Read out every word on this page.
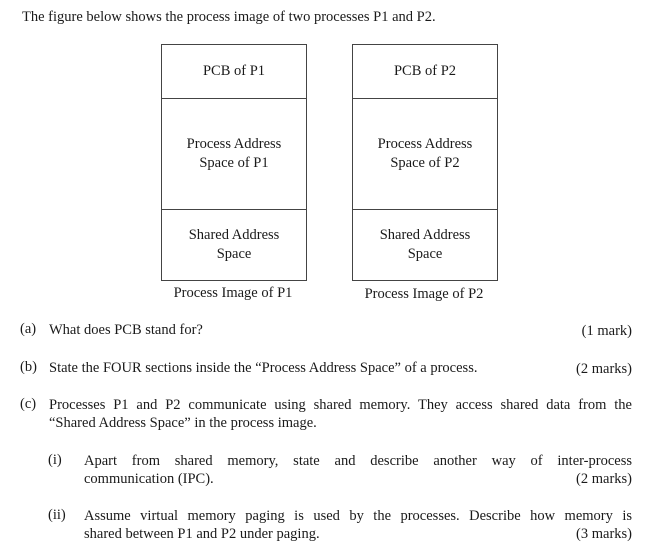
The figure below shows the process image of two processes P1 and P2.
PCB of P1
Process Address
Space of P1
Shared Address
Space
Process Image of P1
PCB of P2
Process Address
Space of P2
Shared Address
Space
Process Image of P2
(a) What does PCB stand for?	(1 mark)
(b) State the FOUR sections inside the “Process Address Space” of a process.	(2 marks)
(c) Processes P1 and P2 communicate using shared memory. They access shared data from the
“Shared Address Space” in the process image.
(i) Apart from shared memory, state and describe another way of inter-process
communication (IPC).	(2 marks)
(ii) Assume virtual memory paging is used by the processes. Describe how memory is
shared between P1 and P2 under paging.	(3 marks)
